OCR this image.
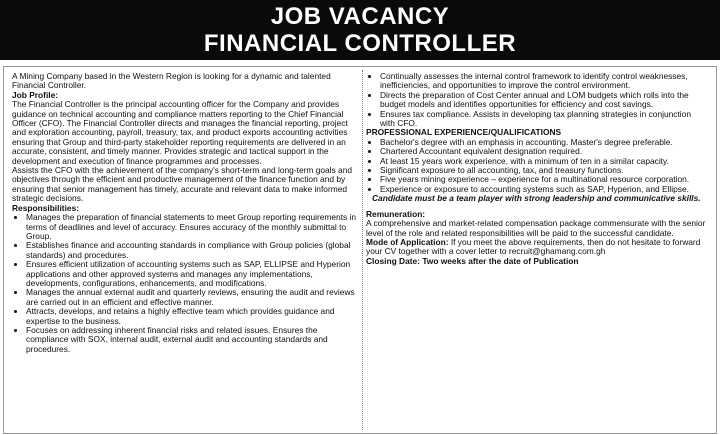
JOB VACANCY
FINANCIAL CONTROLLER

A Mining Company based in the Western Region is looking for a dynamic and talented Financial Controller.

Job Profile:

The Financial Controller is the principal accounting officer for the Company and provides guidance on technical accounting and compliance matters reporting to the Chief Financial Officer (CFO). The Financial Controller directs and manages the financial reporting, project and exploration accounting, payroll, treasury, tax, and product exports accounting activities ensuring that Group and third-party stakeholder reporting requirements are delivered in an accurate, consistent, and timely manner. Provides strategic and tactical support in the development and execution of finance programmes and processes.

Assists the CFO with the achievement of the company's short-term and long-term goals and objectives through the efficient and productive management of the finance function and by ensuring that senior management has timely, accurate and relevant data to make informed strategic decisions.

Responsibilities:

• Manages the preparation of financial statements to meet Group reporting requirements in terms of deadlines and level of accuracy. Ensures accuracy of the monthly submittal to Group.
• Establishes finance and accounting standards in compliance with Group policies (global standards) and procedures.
• Ensures efficient utilization of accounting systems such as SAP, ELLIPSE and Hyperion applications and other approved systems and manages any implementations, developments, configurations, enhancements, and modifications.
• Manages the annual external audit and quarterly reviews, ensuring the audit and reviews are carried out in an efficient and effective manner.
• Attracts, develops, and retains a highly effective team which provides guidance and expertise to the business.
• Focuses on addressing inherent financial risks and related issues. Ensures the compliance with SOX, internal audit, external audit and accounting standards and procedures.
• Continually assesses the internal control framework to identify control weaknesses, inefficiencies, and opportunities to improve the control environment.
• Directs the preparation of Cost Center annual and LOM budgets which rolls into the budget models and identifies opportunities for efficiency and cost savings.
• Ensures tax compliance. Assists in developing tax planning strategies in conjunction with CFO.

PROFESSIONAL EXPERIENCE/QUALIFICATIONS

• Bachelor's degree with an emphasis in accounting. Master's degree preferable.
• Chartered Accountant equivalent designation required.
• At least 15 years work experience, with a minimum of ten in a similar capacity.
• Significant exposure to all accounting, tax, and treasury functions.
• Five years mining experience – experience for a multinational resource corporation.
• Experience or exposure to accounting systems such as SAP, Hyperion, and Ellipse.

Candidate must be a team player with strong leadership and communicative skills.

Remuneration:

A comprehensive and market-related compensation package commensurate with the senior level of the role and related responsibilities will be paid to the successful candidate.

Mode of Application: If you meet the above requirements, then do not hesitate to forward your CV together with a cover letter to recruit@ghamang.com.gh

Closing Date: Two weeks after the date of Publication
